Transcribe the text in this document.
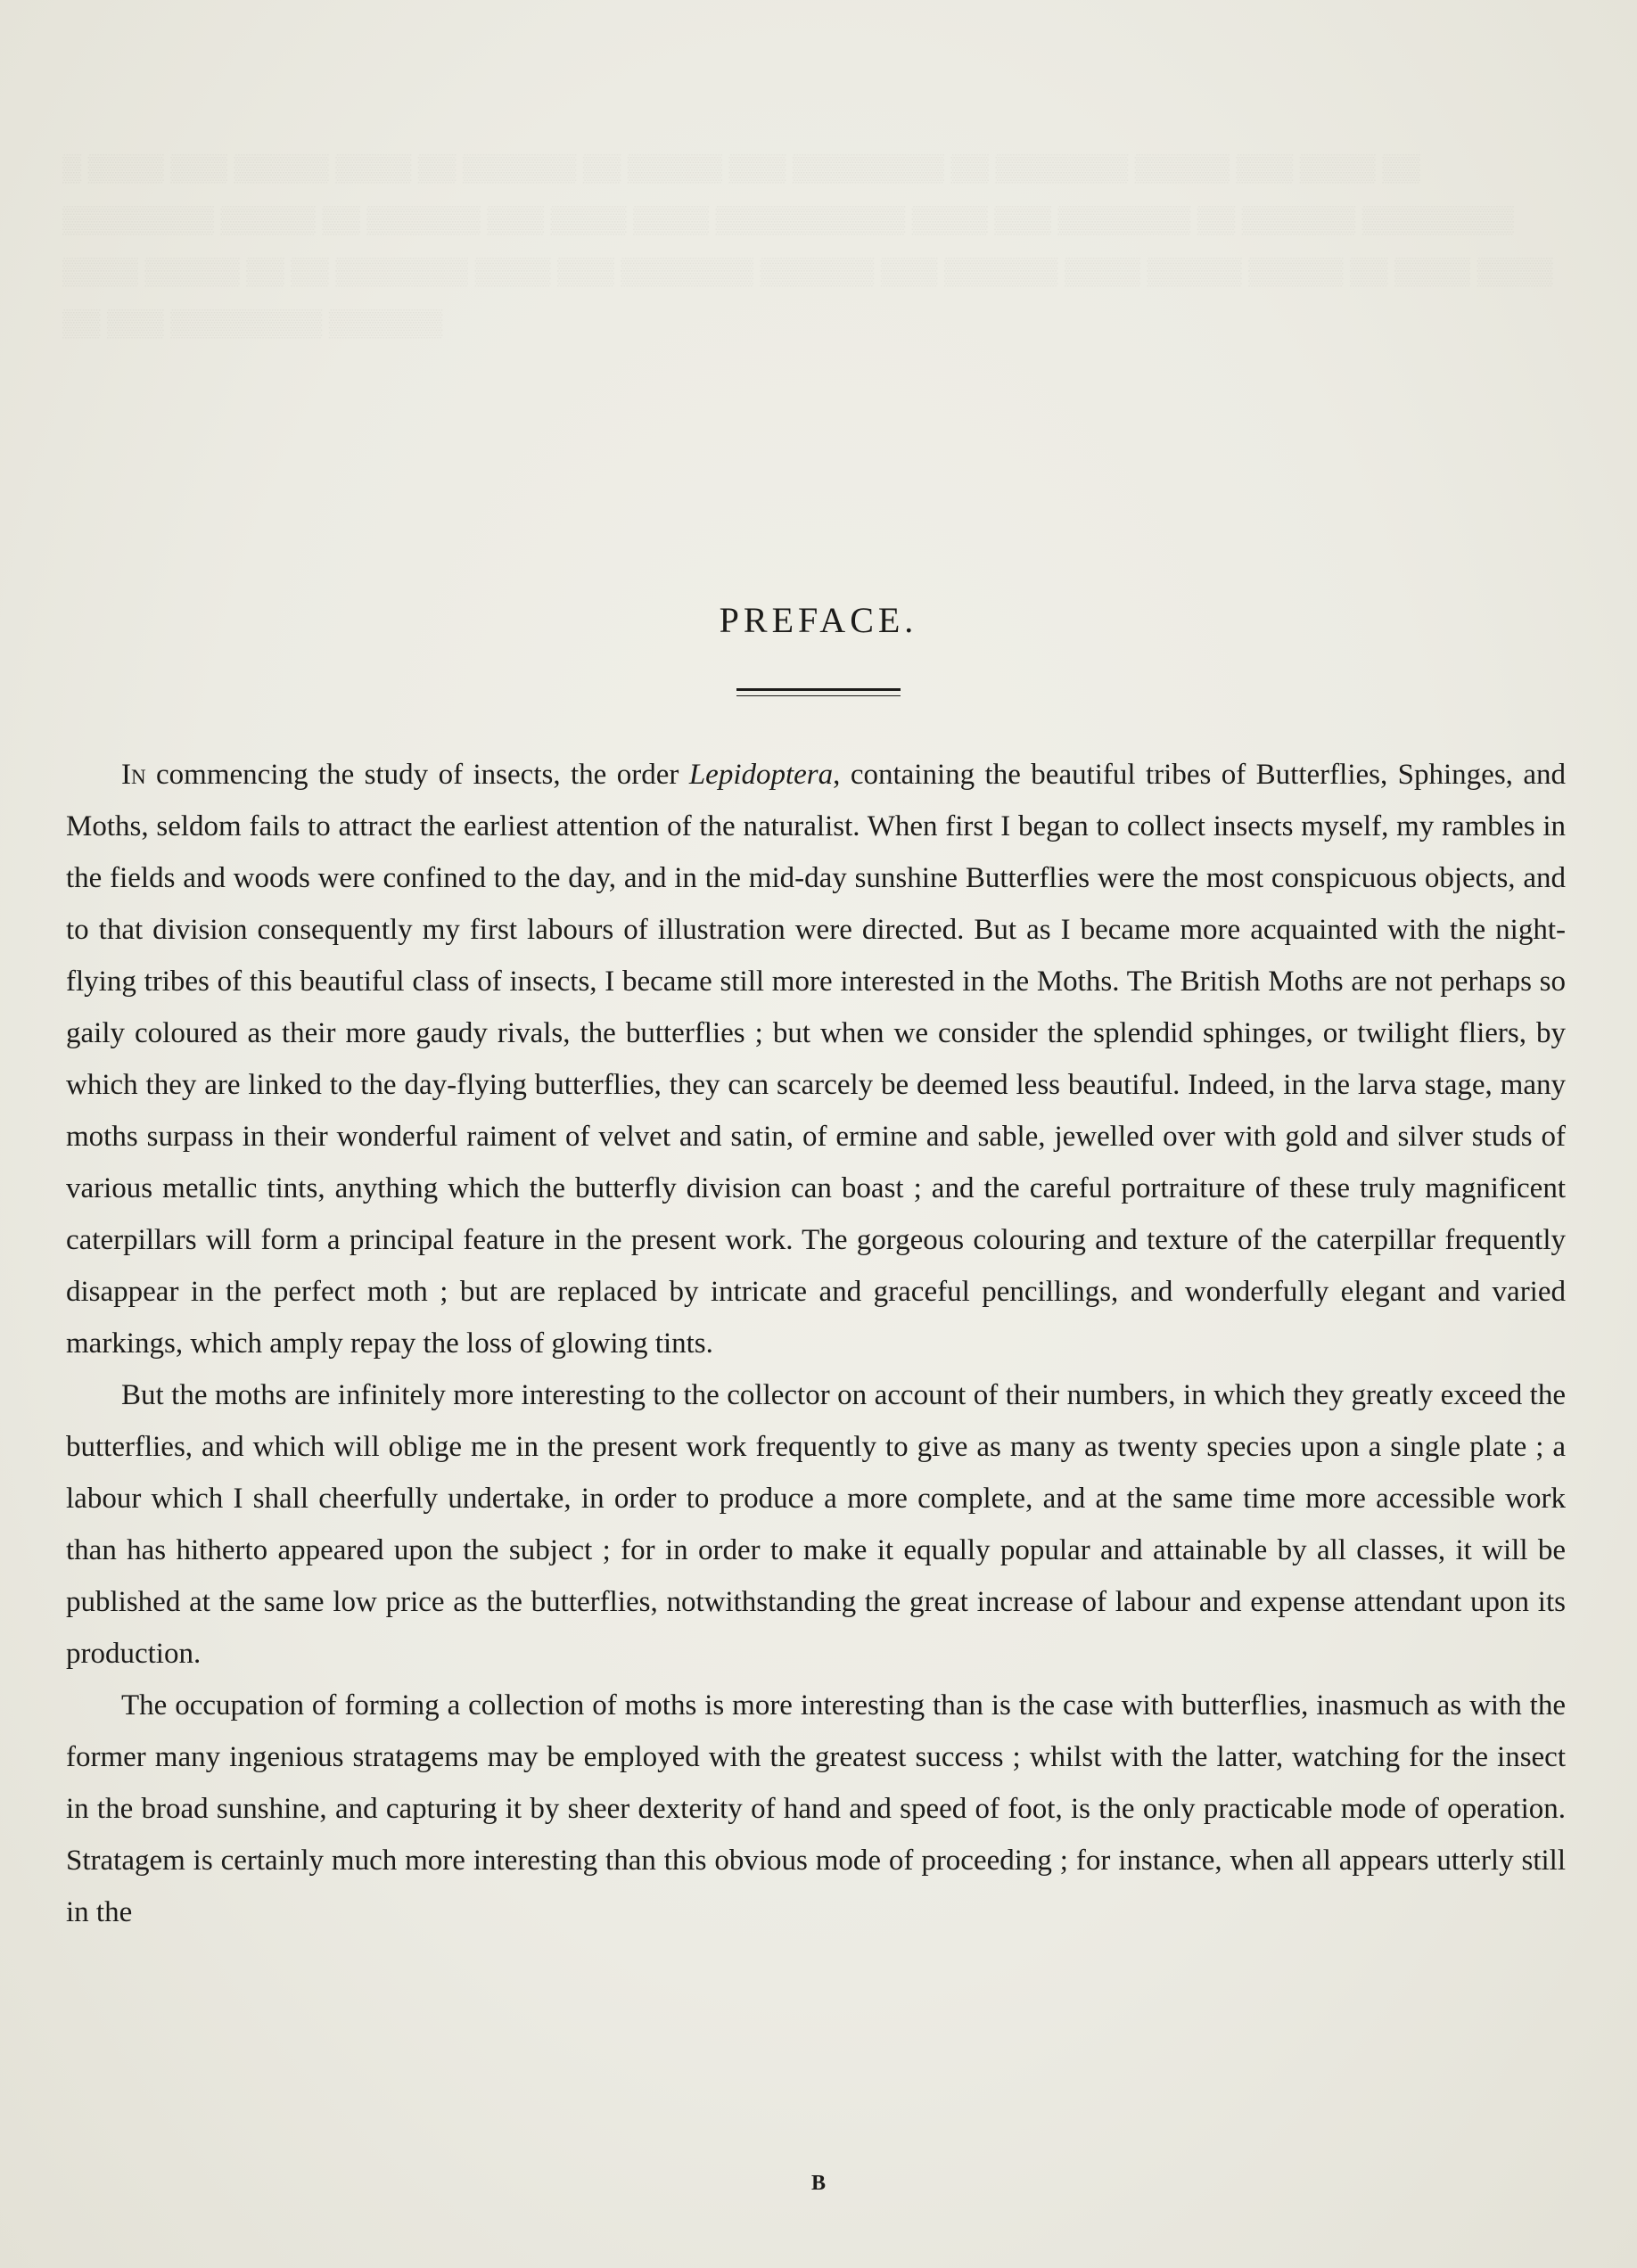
▒ ▒▒▒▒ ▒▒▒ ▒▒▒▒▒ ▒▒▒▒ ▒▒ ▒▒▒▒▒▒ ▒▒ ▒▒▒▒▒ ▒▒▒ ▒▒▒▒▒▒▒▒ ▒▒ ▒▒▒▒▒▒▒ ▒▒▒▒▒ ▒▒▒ ▒▒▒▒ ▒▒ ▒▒▒▒▒▒▒▒ ▒▒▒▒▒ ▒▒ ▒▒▒▒▒▒ ▒▒▒ ▒▒▒▒ ▒▒▒▒ ▒▒▒▒▒▒▒▒▒▒ ▒▒▒▒ ▒▒▒ ▒▒▒▒▒▒▒ ▒▒ ▒▒▒▒▒▒ ▒▒▒▒▒▒▒▒ ▒▒▒▒ ▒▒▒▒▒ ▒▒ ▒▒ ▒▒▒▒▒▒▒ ▒▒▒▒ ▒▒▒ ▒▒▒▒▒▒▒ ▒▒▒▒▒▒ ▒▒▒ ▒▒▒▒▒▒ ▒▒▒▒ ▒▒▒▒▒ ▒▒▒▒▒ ▒▒ ▒▒▒▒ ▒▒▒▒ ▒▒ ▒▒▒ ▒▒▒▒▒▒▒▒ ▒▒▒▒▒▒
PREFACE.

In commencing the study of insects, the order Lepidoptera, containing the beautiful tribes of Butterflies, Sphinges, and Moths, seldom fails to attract the earliest attention of the naturalist. When first I began to collect insects myself, my rambles in the fields and woods were confined to the day, and in the mid-day sunshine Butterflies were the most conspicuous objects, and to that division consequently my first labours of illustration were directed. But as I became more acquainted with the night-flying tribes of this beautiful class of insects, I became still more interested in the Moths. The British Moths are not perhaps so gaily coloured as their more gaudy rivals, the butterflies ; but when we consider the splendid sphinges, or twilight fliers, by which they are linked to the day-flying butterflies, they can scarcely be deemed less beautiful. Indeed, in the larva stage, many moths surpass in their wonderful raiment of velvet and satin, of ermine and sable, jewelled over with gold and silver studs of various metallic tints, anything which the butterfly division can boast ; and the careful portraiture of these truly magnificent caterpillars will form a principal feature in the present work. The gorgeous colouring and texture of the caterpillar frequently disappear in the perfect moth ; but are replaced by intricate and graceful pencillings, and wonderfully elegant and varied markings, which amply repay the loss of glowing tints.

But the moths are infinitely more interesting to the collector on account of their numbers, in which they greatly exceed the butterflies, and which will oblige me in the present work frequently to give as many as twenty species upon a single plate ; a labour which I shall cheerfully undertake, in order to produce a more complete, and at the same time more accessible work than has hitherto appeared upon the subject ; for in order to make it equally popular and attainable by all classes, it will be published at the same low price as the butterflies, notwithstanding the great increase of labour and expense attendant upon its production.

The occupation of forming a collection of moths is more interesting than is the case with butterflies, inasmuch as with the former many ingenious stratagems may be employed with the greatest success ; whilst with the latter, watching for the insect in the broad sunshine, and capturing it by sheer dexterity of hand and speed of foot, is the only practicable mode of operation. Stratagem is certainly much more interesting than this obvious mode of proceeding ; for instance, when all appears utterly still in the

B
